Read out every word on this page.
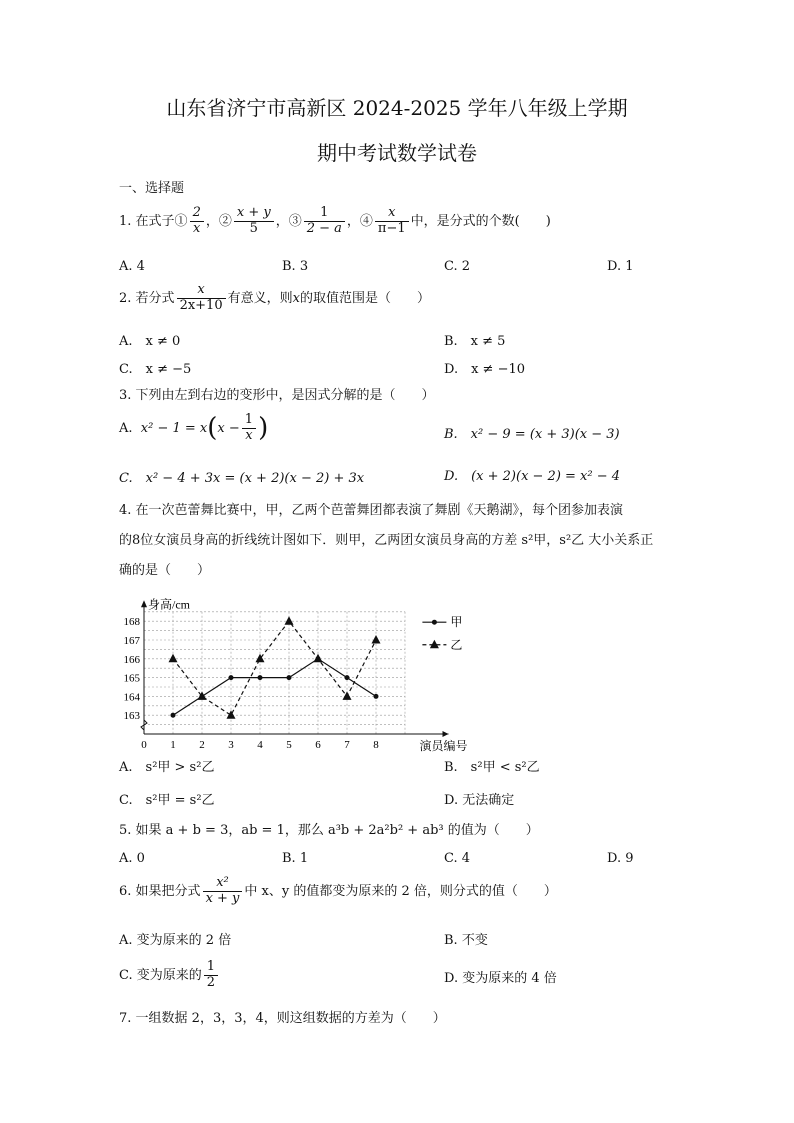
山东省济宁市高新区 2024-2025 学年八年级上学期
期中考试数学试卷
一、选择题
1.
在式子① $\frac{2}{x}$ ，② $\frac{x + y}{5}$ ，③ $\frac{1}{2 - a}$ ，④ $\frac{x}{\pi-1}$ 中，是分式的个数(　　)
A. 4	B. 3	C. 2	D. 1
2.
若分式 $\frac{x}{2x+10}$ 有意义，则 x 的取值范围是（　　）
A.　x ≠ 0	B.　x ≠ 5
C.　x ≠ −5	D.　x ≠ −10
3. 下列由左到右边的变形中，是因式分解的是（　　）
A.
x² − 1 = x ( $x - \frac{1}{x}$ )	B.　x² − 9 = (x + 3)(x − 3)
C.　x² − 4 + 3x = (x + 2)(x − 2) + 3x	D.　(x + 2)(x − 2) = x² − 4
4. 在一次芭蕾舞比赛中，甲，乙两个芭蕾舞团都表演了舞剧《天鹅湖》，每个团参加表演
的8位女演员身高的折线统计图如下．则甲，乙两团女演员身高的方差 s²甲，s²乙 大小关系正
确的是（　　）
身高/cm
演员编号
0 1 2 3 4 5 6 7 8
163
164
165
166
167
168	甲
乙
A.　s²甲 > s²乙	B.　s²甲 < s²乙
C.　s²甲 = s²乙	D. 无法确定
5. 如果 a + b = 3，ab = 1，那么 a³b + 2a²b² + ab³ 的值为（　　）
A. 0	B. 1	C. 4	D. 9
6.
如果把分式 $\frac{\text{x²}}{x + y}$ 中 x、y 的值都变为原来的 2 倍，则分式的值（　　）
A. 变为原来的 2 倍	B. 不变
C. 变为原来的 $\frac{1}{2}$	D. 变为原来的 4 倍
7. 一组数据 2，3，3，4，则这组数据的方差为（　　）
